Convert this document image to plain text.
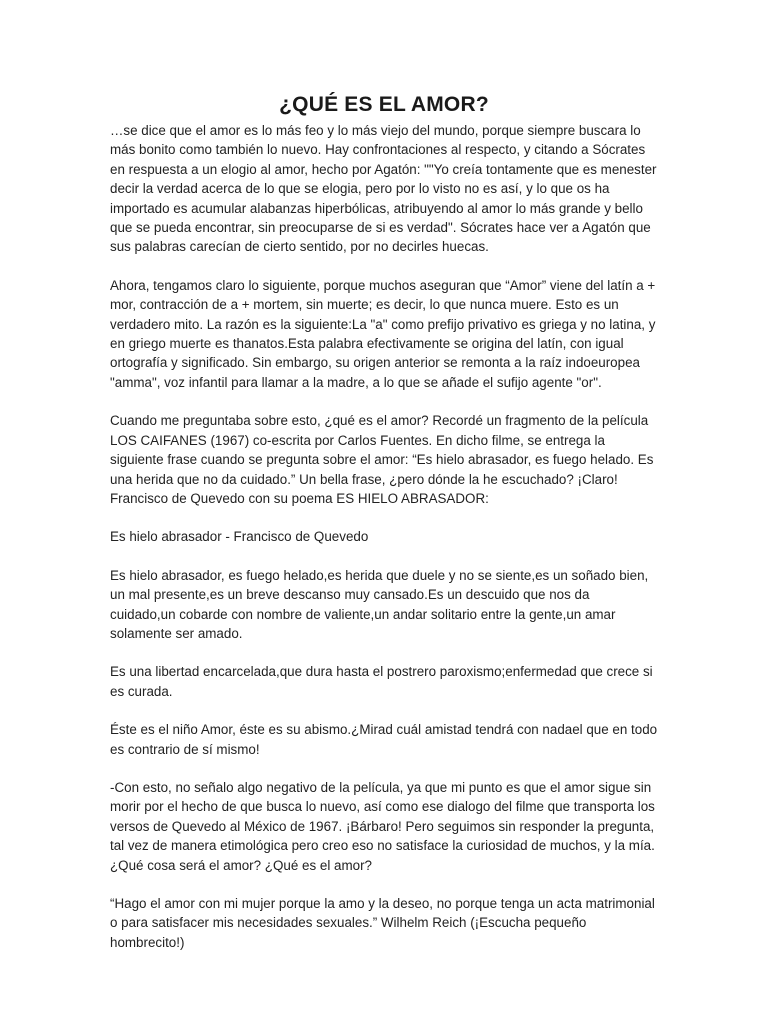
¿QUÉ ES EL AMOR?

…se dice que el amor es lo más feo y lo más viejo del mundo, porque siempre buscara lo más bonito como también lo nuevo. Hay confrontaciones al respecto, y citando a Sócrates en respuesta a un elogio al amor, hecho por Agatón: ""Yo creía tontamente que es menester decir la verdad acerca de lo que se elogia, pero por lo visto no es así, y lo que os ha importado es acumular alabanzas hiperbólicas, atribuyendo al amor lo más grande y bello que se pueda encontrar, sin preocuparse de si es verdad". Sócrates hace ver a Agatón que sus palabras carecían de cierto sentido, por no decirles huecas.

Ahora, tengamos claro lo siguiente, porque muchos aseguran que “Amor” viene del latín a + mor, contracción de a + mortem, sin muerte; es decir, lo que nunca muere. Esto es un verdadero mito. La razón es la siguiente:La "a" como prefijo privativo es griega y no latina, y en griego muerte es thanatos.Esta palabra efectivamente se origina del latín, con igual ortografía y significado. Sin embargo, su origen anterior se remonta a la raíz indoeuropea "amma", voz infantil para llamar a la madre, a lo que se añade el sufijo agente "or".

Cuando me preguntaba sobre esto, ¿qué es el amor? Recordé un fragmento de la película LOS CAIFANES (1967) co-escrita por Carlos Fuentes. En dicho filme, se entrega la siguiente frase cuando se pregunta sobre el amor: “Es hielo abrasador, es fuego helado. Es una herida que no da cuidado.” Un bella frase, ¿pero dónde la he escuchado? ¡Claro! Francisco de Quevedo con su poema ES HIELO ABRASADOR:

Es hielo abrasador - Francisco de Quevedo

Es hielo abrasador, es fuego helado,es herida que duele y no se siente,es un soñado bien, un mal presente,es un breve descanso muy cansado.Es un descuido que nos da cuidado,un cobarde con nombre de valiente,un andar solitario entre la gente,un amar solamente ser amado.

Es una libertad encarcelada,que dura hasta el postrero paroxismo;enfermedad que crece si es curada.

Éste es el niño Amor, éste es su abismo.¿Mirad cuál amistad tendrá con nadael que en todo es contrario de sí mismo!

-Con esto, no señalo algo negativo de la película, ya que mi punto es que el amor sigue sin morir por el hecho de que busca lo nuevo, así como ese dialogo del filme que transporta los versos de Quevedo al México de 1967. ¡Bárbaro! Pero seguimos sin responder la pregunta, tal vez de manera etimológica pero creo eso no satisface la curiosidad de muchos, y la mía. ¿Qué cosa será el amor? ¿Qué es el amor?

“Hago el amor con mi mujer porque la amo y la deseo, no porque tenga un acta matrimonial o para satisfacer mis necesidades sexuales.” Wilhelm Reich (¡Escucha pequeño hombrecito!)
